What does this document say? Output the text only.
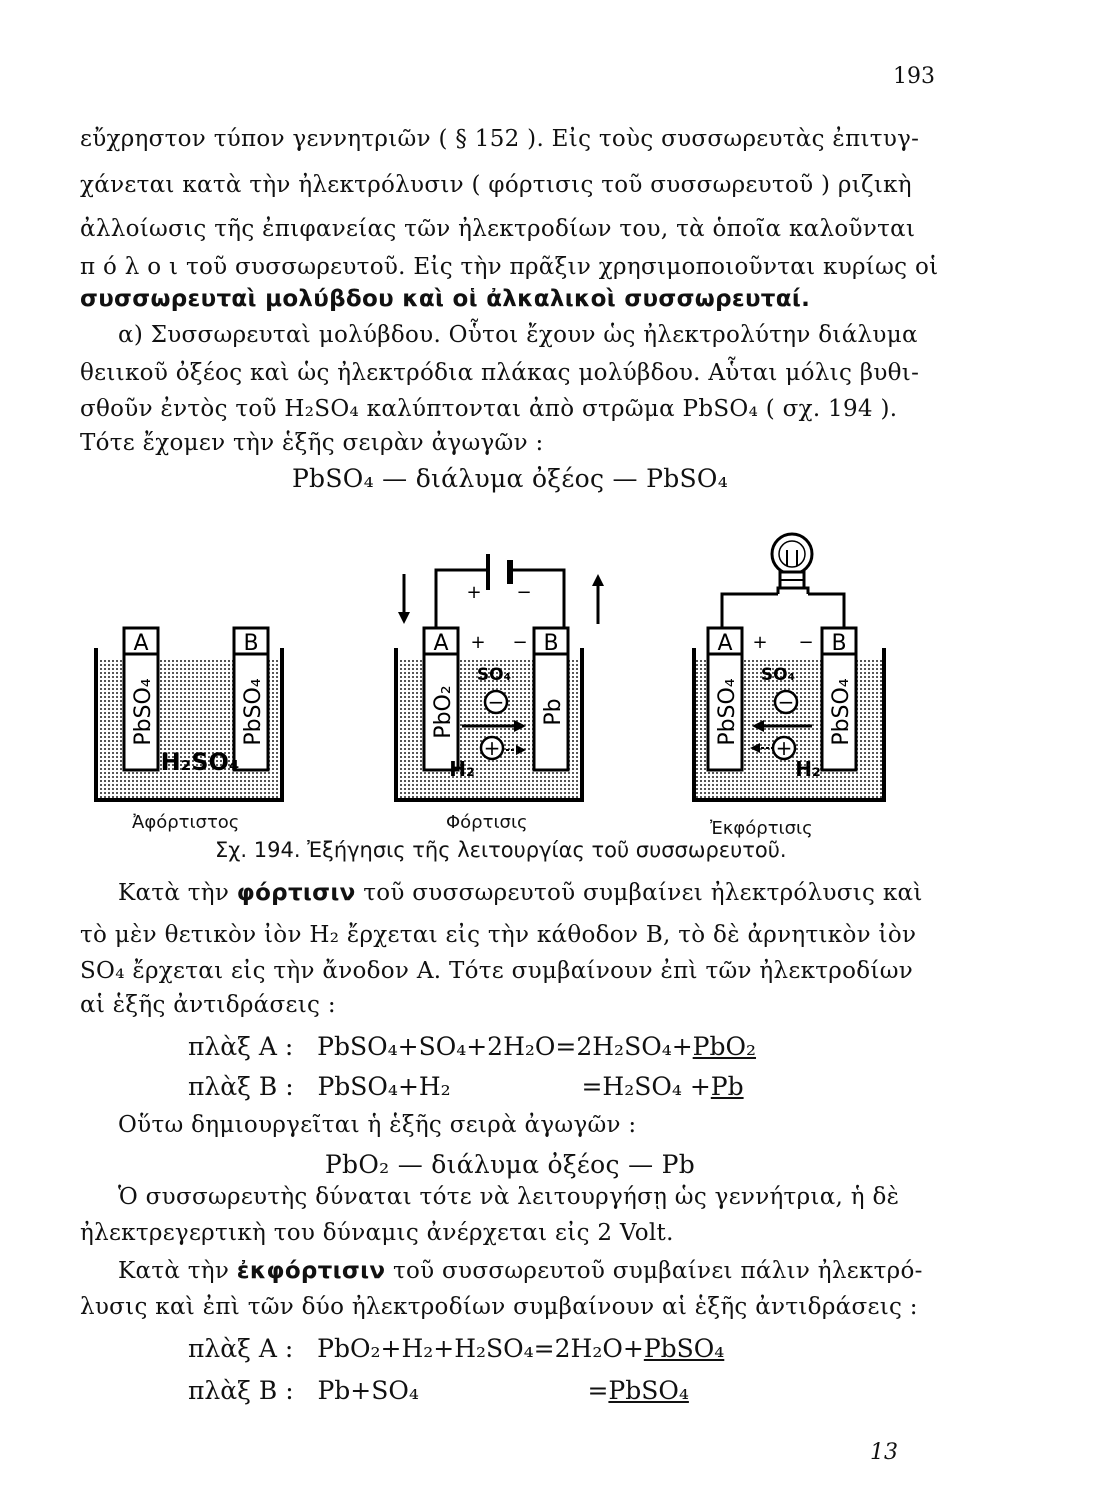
193
εὔχρηστον τύπον γεννητριῶν ( § 152 ). Εἰς τοὺς συσσωρευτὰς ἐπιτυγ-
χάνεται κατὰ τὴν ἠλεκτρόλυσιν ( φόρτισις τοῦ συσσωρευτοῦ ) ριζικὴ
ἀλλοίωσις τῆς ἐπιφανείας τῶν ἠλεκτροδίων του, τὰ ὁποῖα καλοῦνται
π ό λ ο ι τοῦ συσσωρευτοῦ. Εἰς τὴν πρᾶξιν χρησιμοποιοῦνται κυρίως οἱ
συσσωρευταὶ μολύβδου καὶ οἱ ἀλκαλικοὶ συσσωρευταί.
α) Συσσωρευταὶ μολύβδου. Οὗτοι ἔχουν ὡς ἠλεκτρολύτην διάλυμα
θειικοῦ ὀξέος καὶ ὡς ἠλεκτρόδια πλάκας μολύβδου. Αὗται μόλις βυθι-
σθοῦν ἐντὸς τοῦ H₂SO₄ καλύπτονται ἀπὸ στρῶμα PbSO₄ ( σχ. 194 ).
Τότε ἔχομεν τὴν ἑξῆς σειρὰν ἀγωγῶν :
PbSO₄ — διάλυμα ὀξέος — PbSO₄
A
PbSO₄
B
PbSO₄
H₂SO₄
+ −
A +
PbO₂
B
−
Pb
SO₄
−
+
H₂
A +
PbSO₄
B
−
PbSO₄
SO₄
−
+
H₂
Ἀφόρτιστος	Φόρτισις	Ἐκφόρτισις
Σχ. 194. Ἐξήγησις τῆς λειτουργίας τοῦ συσσωρευτοῦ.
Κατὰ τὴν φόρτισιν τοῦ συσσωρευτοῦ συμβαίνει ἠλεκτρόλυσις καὶ
τὸ μὲν θετικὸν ἰὸν H₂ ἔρχεται εἰς τὴν κάθοδον B, τὸ δὲ ἀρνητικὸν ἰὸν
SO₄ ἔρχεται εἰς τὴν ἄνοδον A. Τότε συμβαίνουν ἐπὶ τῶν ἠλεκτροδίων
αἱ ἑξῆς ἀντιδράσεις :
πλὰξ A : PbSO₄+SO₄+2H₂O=2H₂SO₄+PbO₂
πλὰξ B : PbSO₄+H₂	=H₂SO₄ +Pb
Οὕτω δημιουργεῖται ἡ ἑξῆς σειρὰ ἀγωγῶν :
PbO₂ — διάλυμα ὀξέος — Pb
Ὁ συσσωρευτὴς δύναται τότε νὰ λειτουργήσῃ ὡς γεννήτρια, ἡ δὲ
ἠλεκτρεγερτικὴ του δύναμις ἀνέρχεται εἰς 2 Volt.
Κατὰ τὴν ἐκφόρτισιν τοῦ συσσωρευτοῦ συμβαίνει πάλιν ἠλεκτρό-
λυσις καὶ ἐπὶ τῶν δύο ἠλεκτροδίων συμβαίνουν αἱ ἑξῆς ἀντιδράσεις :
πλὰξ A : PbO₂+H₂+H₂SO₄=2H₂O+PbSO₄
πλὰξ B : Pb+SO₄	=PbSO₄
13
